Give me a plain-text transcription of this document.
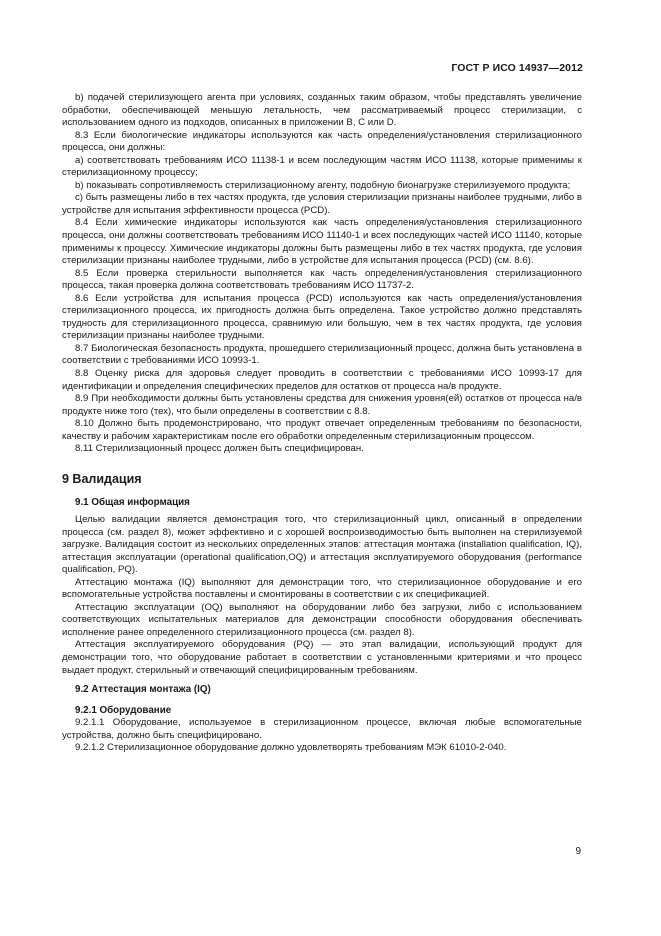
ГОСТ Р ИСО 14937—2012

b) подачей стерилизующего агента при условиях, созданных таким образом, чтобы представлять увеличение обработки, обеспечивающей меньшую летальность, чем рассматриваемый процесс стерилизации, с использованием одного из подходов, описанных в приложении В, С или D.

8.3 Если биологические индикаторы используются как часть определения/установления стерилизационного процесса, они должны:

a) соответствовать требованиям ИСО 11138-1 и всем последующим частям ИСО 11138, которые применимы к стерилизационному процессу;

b) показывать сопротивляемость стерилизационному агенту, подобную бионагрузке стерилизуемого продукта;

c) быть размещены либо в тех частях продукта, где условия стерилизации признаны наиболее трудными, либо в устройстве для испытания эффективности процесса (PCD).

8.4 Если химические индикаторы используются как часть определения/установления стерилизационного процесса, они должны соответствовать требованиям ИСО 11140-1 и всех последующих частей ИСО 11140, которые применимы к процессу. Химические индикаторы должны быть размещены либо в тех частях продукта, где условия стерилизации признаны наиболее трудными, либо в устройстве для испытания процесса (PCD) (см. 8.6).

8.5 Если проверка стерильности выполняется как часть определения/установления стерилизационного процесса, такая проверка должна соответствовать требованиям ИСО 11737-2.

8.6 Если устройства для испытания процесса (PCD) используются как часть определения/установления стерилизационного процесса, их пригодность должна быть определена. Такое устройство должно представлять трудность для стерилизационного процесса, сравнимую или большую, чем в тех частях продукта, где условия стерилизации признаны наиболее трудными.

8.7 Биологическая безопасность продукта, прошедшего стерилизационный процесс, должна быть установлена в соответствии с требованиями ИСО 10993-1.

8.8 Оценку риска для здоровья следует проводить в соответствии с требованиями ИСО 10993-17 для идентификации и определения специфических пределов для остатков от процесса на/в продукте.

8.9 При необходимости должны быть установлены средства для снижения уровня(ей) остатков от процесса на/в продукте ниже того (тех), что были определены в соответствии с 8.8.

8.10 Должно быть продемонстрировано, что продукт отвечает определенным требованиям по безопасности, качеству и рабочим характеристикам после его обработки определенным стерилизационным процессом.

8.11 Стерилизационный процесс должен быть специфицирован.

9 Валидация
9.1 Общая информация

Целью валидации является демонстрация того, что стерилизационный цикл, описанный в определении процесса (см. раздел 8), может эффективно и с хорошей воспроизводимостью быть выполнен на стерилизуемой загрузке. Валидация состоит из нескольких определенных этапов: аттестация монтажа (installation qualification, IQ), аттестация эксплуатации (operational qualification,OQ) и аттестация эксплуатируемого оборудования (performance qualification, PQ).

Аттестацию монтажа (IQ) выполняют для демонстрации того, что стерилизационное оборудование и его вспомогательные устройства поставлены и смонтированы в соответствии с их спецификацией.

Аттестацию эксплуатации (OQ) выполняют на оборудовании либо без загрузки, либо с использованием соответствующих испытательных материалов для демонстрации способности оборудования обеспечивать исполнение ранее определенного стерилизационного процесса (см. раздел 8).

Аттестация эксплуатируемого оборудования (PQ) — это этап валидации, использующий продукт для демонстрации того, что оборудование работает в соответствии с установленными критериями и что процесс выдает продукт, стерильный и отвечающий специфицированным требованиям.

9.2 Аттестация монтажа (IQ)
9.2.1 Оборудование

9.2.1.1 Оборудование, используемое в стерилизационном процессе, включая любые вспомогательные устройства, должно быть специфицировано.

9.2.1.2 Стерилизационное оборудование должно удовлетворять требованиям МЭК 61010-2-040.

9
